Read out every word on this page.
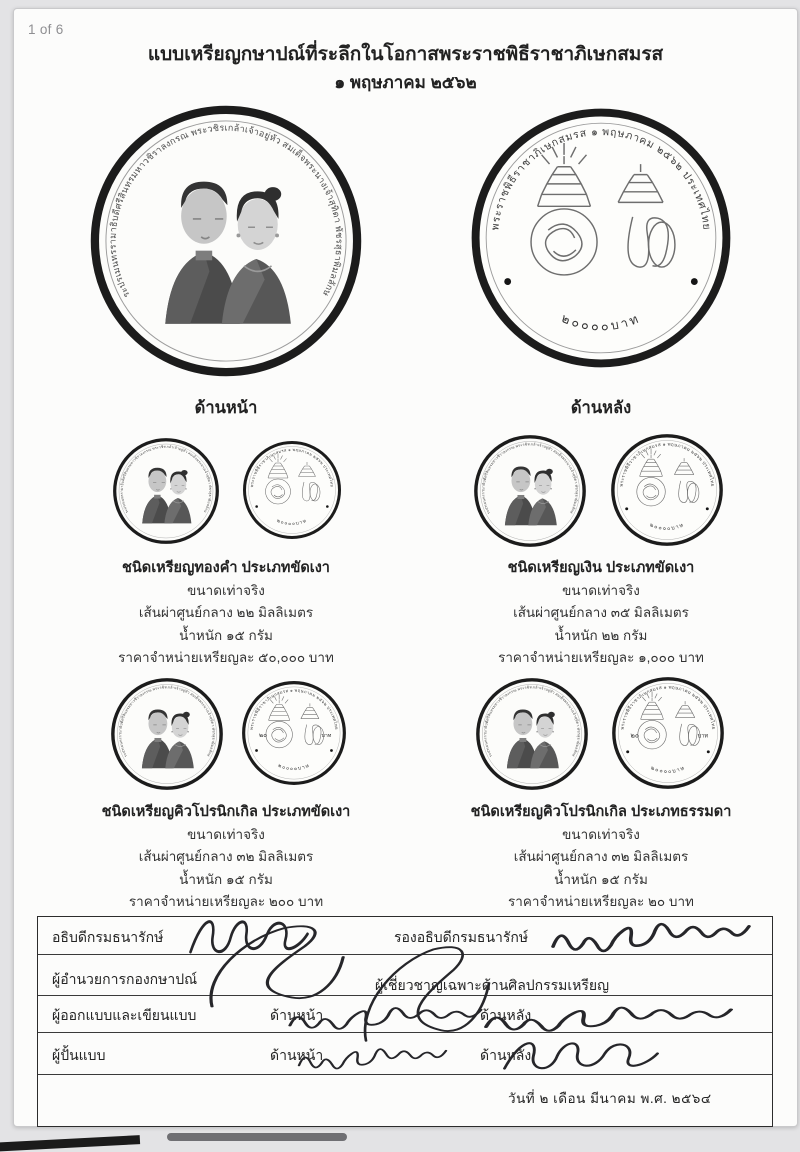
1 of 6
แบบเหรียญกษาปณ์ที่ระลึกในโอกาสพระราชพิธีราชาภิเษกสมรส
๑ พฤษภาคม ๒๕๖๒
ด้านหน้า	ด้านหลัง
ชนิดเหรียญทองคำ ประเภทขัดเงา
ขนาดเท่าจริง
เส้นผ่าศูนย์กลาง ๒๒ มิลลิเมตร
น้ำหนัก ๑๕ กรัม
ราคาจำหน่ายเหรียญละ ๕๐,๐๐๐ บาท
ชนิดเหรียญเงิน ประเภทขัดเงา
ขนาดเท่าจริง
เส้นผ่าศูนย์กลาง ๓๕ มิลลิเมตร
น้ำหนัก ๒๒ กรัม
ราคาจำหน่ายเหรียญละ ๑,๐๐๐ บาท
ชนิดเหรียญคิวโปรนิกเกิล ประเภทขัดเงา
ขนาดเท่าจริง
เส้นผ่าศูนย์กลาง ๓๒ มิลลิเมตร
น้ำหนัก ๑๕ กรัม
ราคาจำหน่ายเหรียญละ ๒๐๐ บาท
ชนิดเหรียญคิวโปรนิกเกิล ประเภทธรรมดา
ขนาดเท่าจริง
เส้นผ่าศูนย์กลาง ๓๒ มิลลิเมตร
น้ำหนัก ๑๕ กรัม
ราคาจำหน่ายเหรียญละ ๒๐ บาท
อธิบดีกรมธนารักษ์	รองอธิบดีกรมธนารักษ์
ผู้อำนวยการกองกษาปณ์	ผู้เชี่ยวชาญเฉพาะด้านศิลปกรรมเหรียญ
ผู้ออกแบบและเขียนแบบ	ด้านหน้า	ด้านหลัง
ผู้ปั้นแบบ	ด้านหน้า	ด้านหลัง
วันที่ ๒ เดือน มีนาคม พ.ศ. ๒๕๖๔
